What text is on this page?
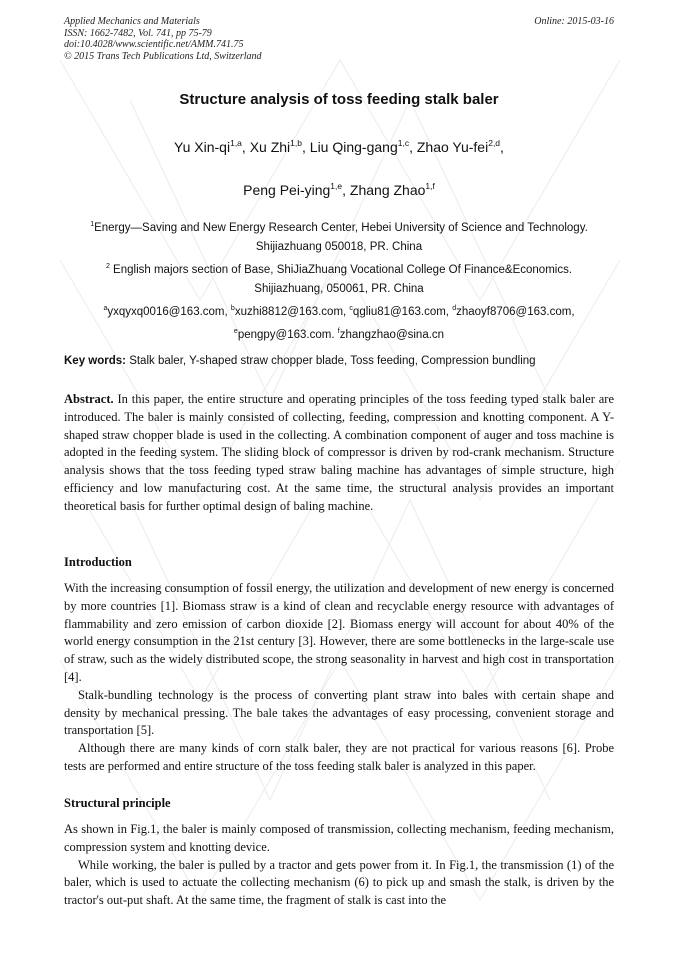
Applied Mechanics and Materials
ISSN: 1662-7482, Vol. 741, pp 75-79
doi:10.4028/www.scientific.net/AMM.741.75
© 2015 Trans Tech Publications Ltd, Switzerland
Online: 2015-03-16
Structure analysis of toss feeding stalk baler
Yu Xin-qi$^{1,a}$, Xu Zhi$^{1,b}$, Liu Qing-gang$^{1,c}$, Zhao Yu-fei$^{2,d}$,
Peng Pei-ying$^{1,e}$, Zhang Zhao$^{1,f}$
$^1$Energy—Saving and New Energy Research Center, Hebei University of Science and Technology.
Shijiazhuang 050018, PR. China
$^2$ English majors section of Base, ShiJiaZhuang Vocational College Of Finance&Economics.
Shijiazhuang, 050061, PR. China
$^a$yxqyxq0016@163.com, $^b$xuzhi8812@163.com, $^c$qgliu81@163.com, $^d$zhaoyf8706@163.com,
$^e$pengpy@163.com. $^f$zhangzhao@sina.cn
Key words: Stalk baler, Y-shaped straw chopper blade, Toss feeding, Compression bundling
Abstract. In this paper, the entire structure and operating principles of the toss feeding typed stalk baler are introduced. The baler is mainly consisted of collecting, feeding, compression and knotting component. A Y-shaped straw chopper blade is used in the collecting. A combination component of auger and toss machine is adopted in the feeding system. The sliding block of compressor is driven by rod-crank mechanism. Structure analysis shows that the toss feeding typed straw baling machine has advantages of simple structure, high efficiency and low manufacturing cost. At the same time, the structural analysis provides an important theoretical basis for further optimal design of baling machine.
Introduction

With the increasing consumption of fossil energy, the utilization and development of new energy is concerned by more countries [1]. Biomass straw is a kind of clean and recyclable energy resource with advantages of flammability and zero emission of carbon dioxide [2]. Biomass energy will account for about 40% of the world energy consumption in the 21st century [3]. However, there are some bottlenecks in the large-scale use of straw, such as the widely distributed scope, the strong seasonality in harvest and high cost in transportation [4].

Stalk-bundling technology is the process of converting plant straw into bales with certain shape and density by mechanical pressing. The bale takes the advantages of easy processing, convenient storage and transportation [5].

Although there are many kinds of corn stalk baler, they are not practical for various reasons [6]. Probe tests are performed and entire structure of the toss feeding stalk baler is analyzed in this paper.

Structural principle

As shown in Fig.1, the baler is mainly composed of transmission, collecting mechanism, feeding mechanism, compression system and knotting device.

While working, the baler is pulled by a tractor and gets power from it. In Fig.1, the transmission (1) of the baler, which is used to actuate the collecting mechanism (6) to pick up and smash the stalk, is driven by the tractor's out-put shaft. At the same time, the fragment of stalk is cast into the
